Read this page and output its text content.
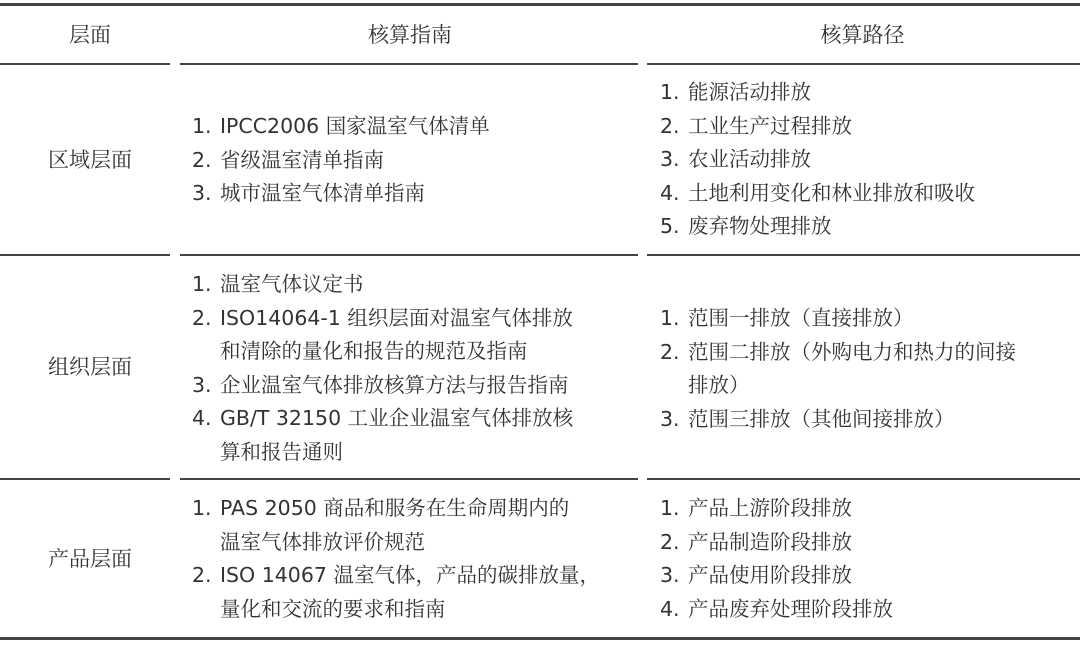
层面	核算指南	核算路径
区域层面
1. IPCC2006 国家温室气体清单
2. 省级温室清单指南
3. 城市温室气体清单指南
1. 能源活动排放
2. 工业生产过程排放
3. 农业活动排放
4. 土地利用变化和林业排放和吸收
5. 废弃物处理排放
组织层面
1. 温室气体议定书
2. ISO14064-1 组织层面对温室气体排放
和清除的量化和报告的规范及指南
3. 企业温室气体排放核算方法与报告指南
4. GB/T 32150 工业企业温室气体排放核
算和报告通则
1. 范围一排放（直接排放）
2. 范围二排放（外购电力和热力的间接
排放）
3. 范围三排放（其他间接排放）
产品层面
1. PAS 2050 商品和服务在生命周期内的
温室气体排放评价规范
2. ISO 14067 温室气体，产品的碳排放量，
量化和交流的要求和指南
1. 产品上游阶段排放
2. 产品制造阶段排放
3. 产品使用阶段排放
4. 产品废弃处理阶段排放
